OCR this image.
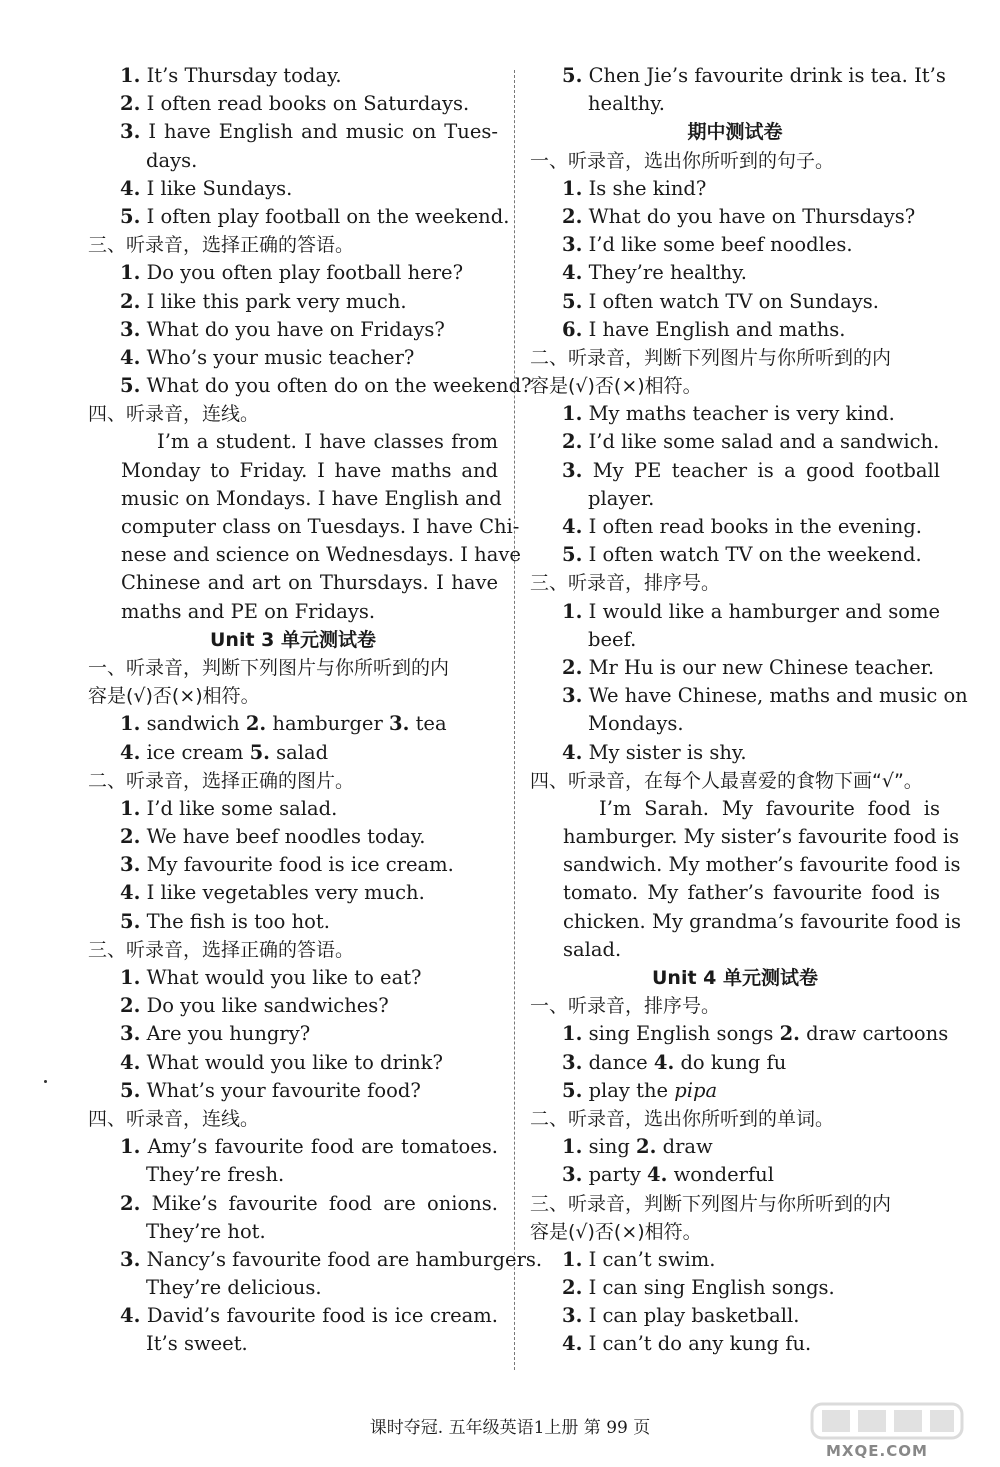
1. It’s Thursday today.
2. I often read books on Saturdays.
3. I have English and music on Tues-
days.
4. I like Sundays.
5. I often play football on the weekend.
三、听录音，选择正确的答语。
1. Do you often play football here?
2. I like this park very much.
3. What do you have on Fridays?
4. Who’s your music teacher?
5. What do you often do on the weekend?
四、听录音，连线。
I’m a student. I have classes from
Monday to Friday. I have maths and
music on Mondays. I have English and
computer class on Tuesdays. I have Chi-
nese and science on Wednesdays. I have
Chinese and art on Thursdays. I have
maths and PE on Fridays.
Unit 3 单元测试卷
一、听录音，判断下列图片与你所听到的内
容是(√)否(×)相符。
1. sandwich 2. hamburger 3. tea
4. ice cream 5. salad
二、听录音，选择正确的图片。
1. I’d like some salad.
2. We have beef noodles today.
3. My favourite food is ice cream.
4. I like vegetables very much.
5. The fish is too hot.
三、听录音，选择正确的答语。
1. What would you like to eat?
2. Do you like sandwiches?
3. Are you hungry?
4. What would you like to drink?
5. What’s your favourite food?
四、听录音，连线。
1. Amy’s favourite food are tomatoes.
They’re fresh.
2. Mike’s favourite food are onions.
They’re hot.
3. Nancy’s favourite food are hamburgers.
They’re delicious.
4. David’s favourite food is ice cream.
It’s sweet.
5. Chen Jie’s favourite drink is tea. It’s
healthy.
期中测试卷
一、听录音，选出你所听到的句子。
1. Is she kind?
2. What do you have on Thursdays?
3. I’d like some beef noodles.
4. They’re healthy.
5. I often watch TV on Sundays.
6. I have English and maths.
二、听录音，判断下列图片与你所听到的内
容是(√)否(×)相符。
1. My maths teacher is very kind.
2. I’d like some salad and a sandwich.
3. My PE teacher is a good football
player.
4. I often read books in the evening.
5. I often watch TV on the weekend.
三、听录音，排序号。
1. I would like a hamburger and some
beef.
2. Mr Hu is our new Chinese teacher.
3. We have Chinese, maths and music on
Mondays.
4. My sister is shy.
四、听录音，在每个人最喜爱的食物下画“√”。
I’m Sarah. My favourite food is
hamburger. My sister’s favourite food is
sandwich. My mother’s favourite food is
tomato. My father’s favourite food is
chicken. My grandma’s favourite food is
salad.
Unit 4 单元测试卷
一、听录音，排序号。
1. sing English songs 2. draw cartoons
3. dance 4. do kung fu
5. play the pipa
二、听录音，选出你所听到的单词。
1. sing 2. draw
3. party 4. wonderful
三、听录音，判断下列图片与你所听到的内
容是(√)否(×)相符。
1. I can’t swim.
2. I can sing English songs.
3. I can play basketball.
4. I can’t do any kung fu.
课时夺冠. 五年级英语1上册 第 99 页
MXQE.COM
